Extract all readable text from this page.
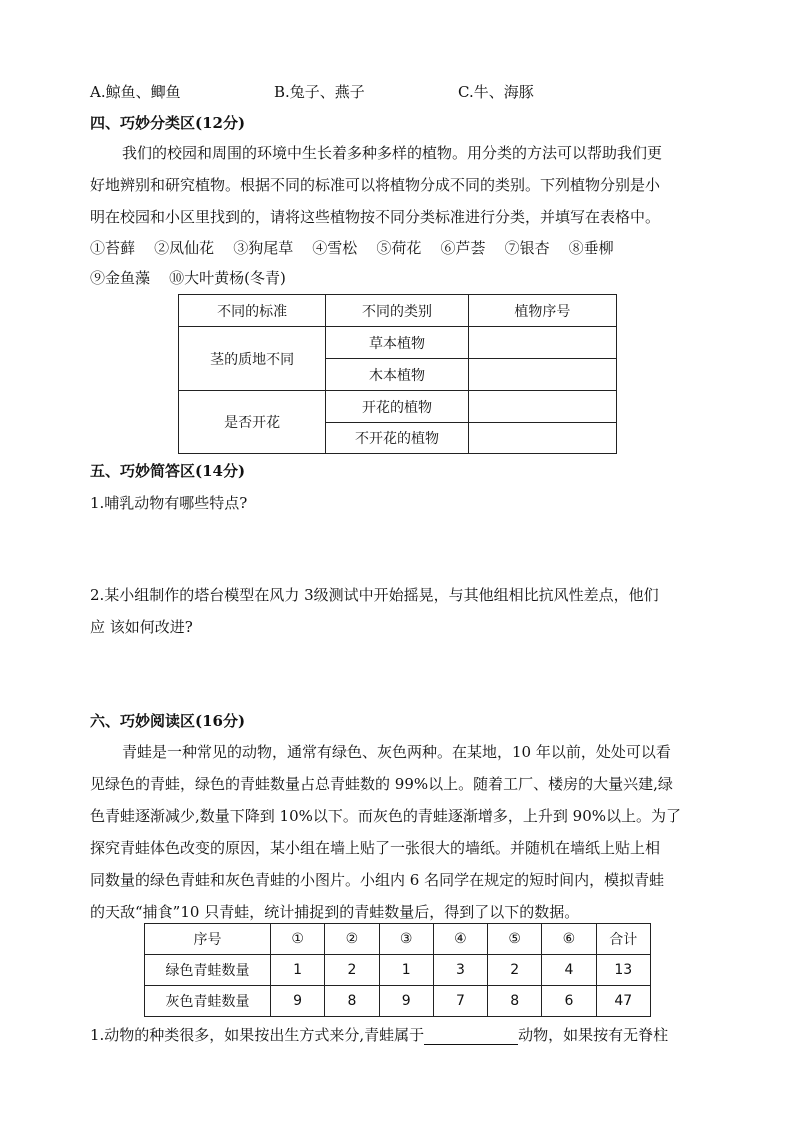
A.鲸鱼、鲫鱼	B.兔子、燕子	C.牛、海豚
四、巧妙分类区(12分)
我们的校园和周围的环境中生长着多种多样的植物。用分类的方法可以帮助我们更
好地辨别和研究植物。根据不同的标准可以将植物分成不同的类别。下列植物分别是小
明在校园和小区里找到的，请将这些植物按不同分类标准进行分类，并填写在表格中。
①苔藓 ②凤仙花 ③狗尾草 ④雪松 ⑤荷花 ⑥芦荟 ⑦银杏 ⑧垂柳
⑨金鱼藻 ⑩大叶黄杨(冬青)
不同的标准	不同的类别	植物序号
茎的质地不同	草本植物	
	木本植物	
是否开花	开花的植物	
	不开花的植物	
五、巧妙简答区(14分)
1.哺乳动物有哪些特点?
2.某小组制作的塔台模型在风力 3级测试中开始摇晃，与其他组相比抗风性差点，他们
应 该如何改进?
六、巧妙阅读区(16分)
青蛙是一种常见的动物，通常有绿色、灰色两种。在某地，10 年以前，处处可以看
见绿色的青蛙，绿色的青蛙数量占总青蛙数的 99%以上。随着工厂、楼房的大量兴建,绿
色青蛙逐渐减少,数量下降到 10%以下。而灰色的青蛙逐渐增多，上升到 90%以上。为了
探究青蛙体色改变的原因，某小组在墙上贴了一张很大的墙纸。并随机在墙纸上贴上相
同数量的绿色青蛙和灰色青蛙的小图片。小组内 6 名同学在规定的短时间内，模拟青蛙
的天敌“捕食”10 只青蛙，统计捕捉到的青蛙数量后，得到了以下的数据。
序号	①	②	③	④	⑤	⑥	合计
绿色青蛙数量	1	2	1	3	2	4	13
灰色青蛙数量	9	8	9	7	8	6	47
1.动物的种类很多，如果按出生方式来分,青蛙属于	动物，如果按有无脊柱
